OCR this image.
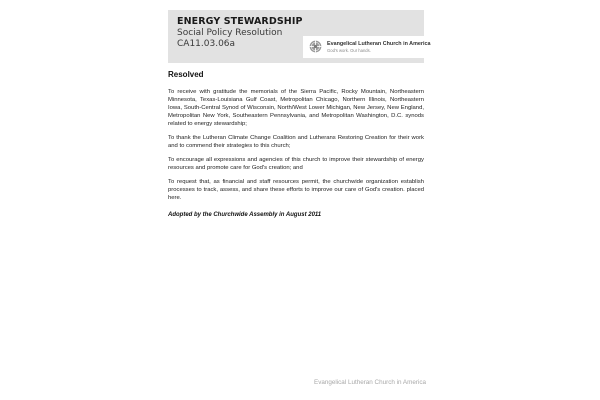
ENERGY STEWARDSHIP
Social Policy Resolution
CA11.03.06a	Evangelical Lutheran Church in America
God's work. Our hands.
Resolved

To receive with gratitude the memorials of the Sierra Pacific, Rocky Mountain, Northeastern Minnesota, Texas-Louisiana Gulf Coast, Metropolitan Chicago, Northern Illinois, Northeastern Iowa, South-Central Synod of Wisconsin, North/West Lower Michigan, New Jersey, New England, Metropolitan New York, Southeastern Pennsylvania, and Metropolitan Washington, D.C. synods related to energy stewardship;

To thank the Lutheran Climate Change Coalition and Lutherans Restoring Creation for their work and to commend their strategies to this church;

To encourage all expressions and agencies of this church to improve their stewardship of energy resources and promote care for God's creation; and

To request that, as financial and staff resources permit, the churchwide organization establish processes to track, assess, and share these efforts to improve our care of God's creation. placed here.

Adopted by the Churchwide Assembly in August 2011
Evangelical Lutheran Church in America
